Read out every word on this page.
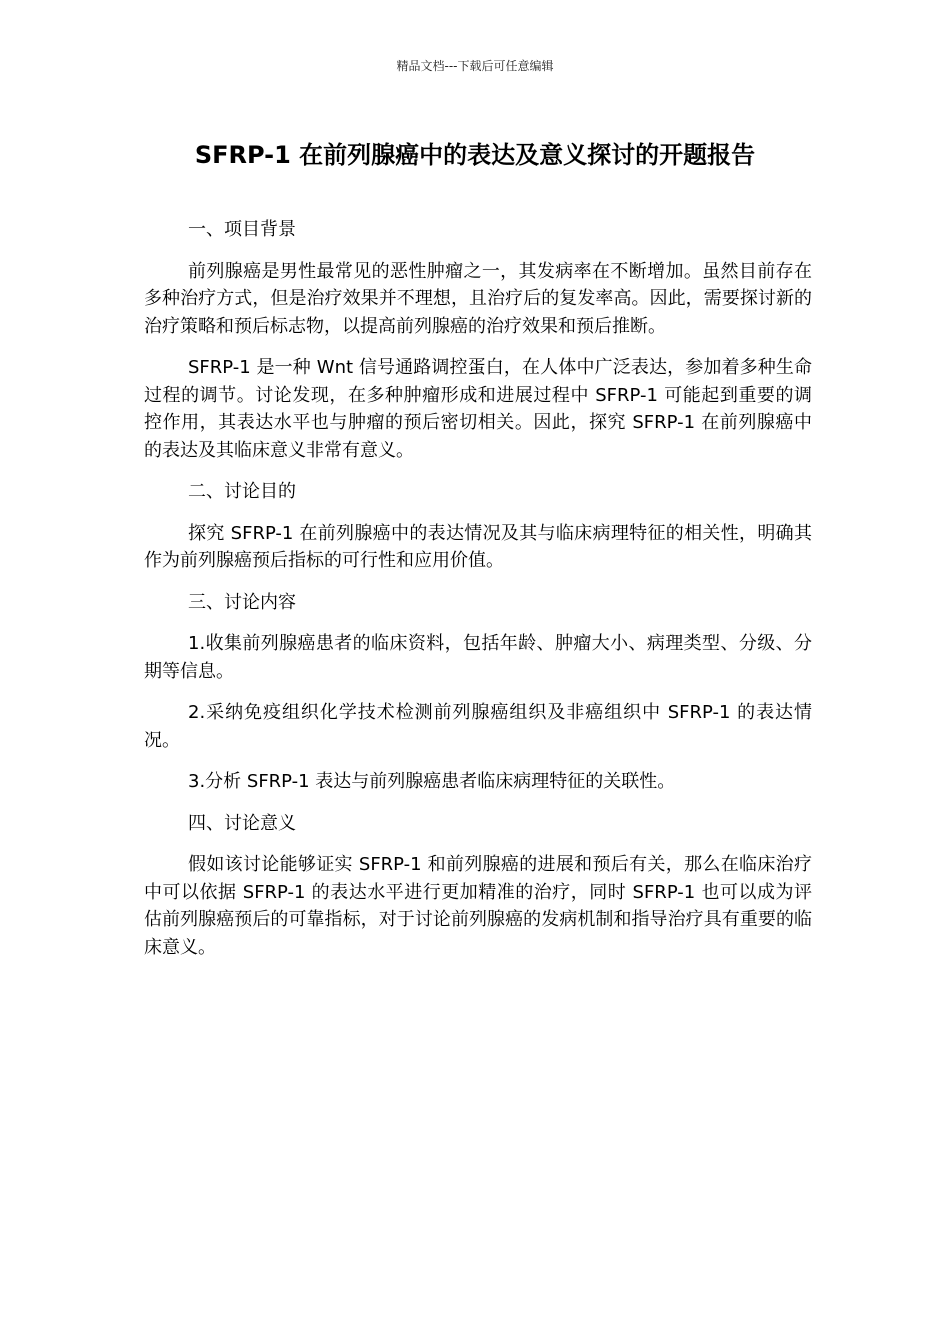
精品文档---下载后可任意编辑
SFRP-1 在前列腺癌中的表达及意义探讨的开题报告
一、项目背景

前列腺癌是男性最常见的恶性肿瘤之一，其发病率在不断增加。虽然目前存在多种治疗方式，但是治疗效果并不理想，且治疗后的复发率高。因此，需要探讨新的治疗策略和预后标志物，以提高前列腺癌的治疗效果和预后推断。

SFRP-1 是一种 Wnt 信号通路调控蛋白，在人体中广泛表达，参加着多种生命过程的调节。讨论发现，在多种肿瘤形成和进展过程中 SFRP-1 可能起到重要的调控作用，其表达水平也与肿瘤的预后密切相关。因此，探究 SFRP-1 在前列腺癌中的表达及其临床意义非常有意义。

二、讨论目的

探究 SFRP-1 在前列腺癌中的表达情况及其与临床病理特征的相关性，明确其作为前列腺癌预后指标的可行性和应用价值。

三、讨论内容

1.收集前列腺癌患者的临床资料，包括年龄、肿瘤大小、病理类型、分级、分期等信息。

2.采纳免疫组织化学技术检测前列腺癌组织及非癌组织中 SFRP-1 的表达情况。

3.分析 SFRP-1 表达与前列腺癌患者临床病理特征的关联性。

四、讨论意义

假如该讨论能够证实 SFRP-1 和前列腺癌的进展和预后有关，那么在临床治疗中可以依据 SFRP-1 的表达水平进行更加精准的治疗，同时 SFRP-1 也可以成为评估前列腺癌预后的可靠指标，对于讨论前列腺癌的发病机制和指导治疗具有重要的临床意义。
